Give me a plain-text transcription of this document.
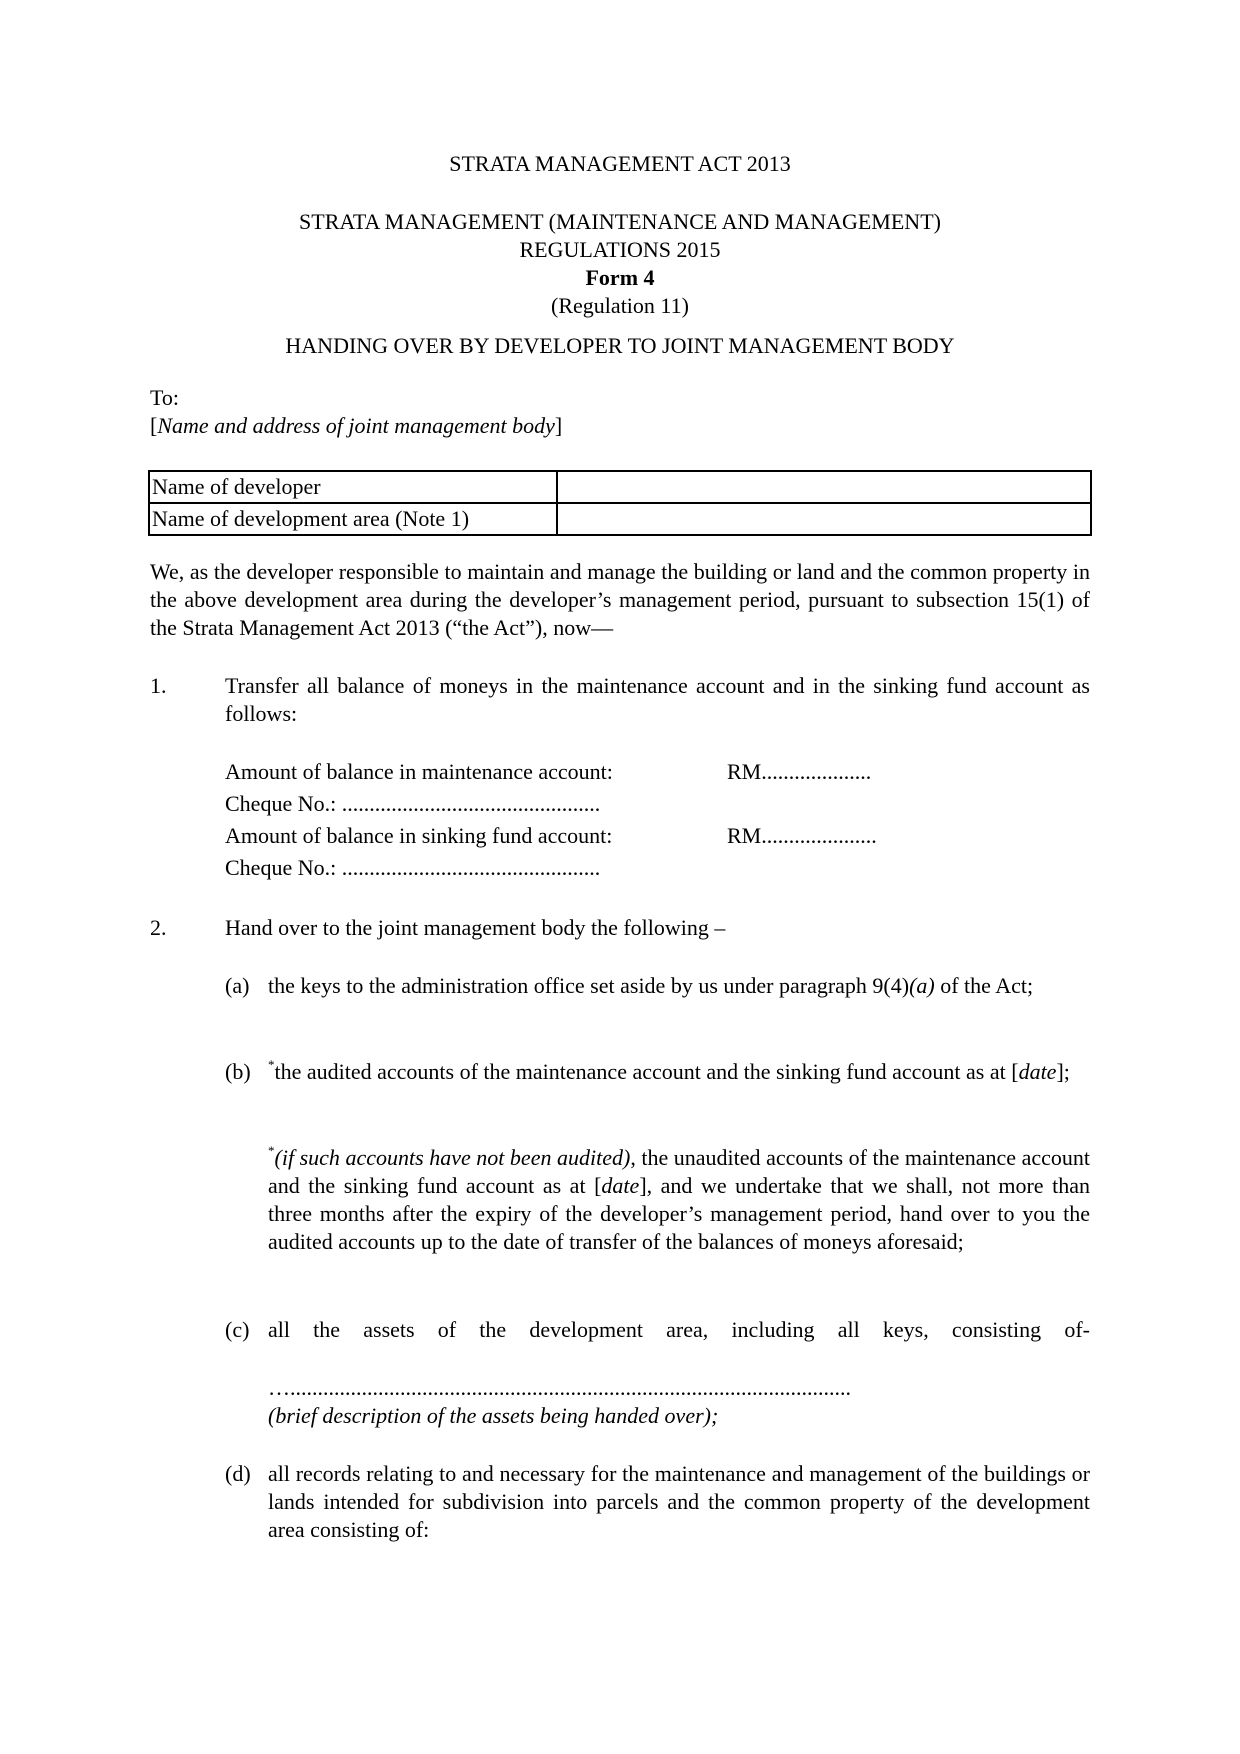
STRATA MANAGEMENT ACT 2013
STRATA MANAGEMENT (MAINTENANCE AND MANAGEMENT)
REGULATIONS 2015
Form 4
(Regulation 11)
HANDING OVER BY DEVELOPER TO JOINT MANAGEMENT BODY
To:
[Name and address of joint management body]
Name of developer	
Name of development area (Note 1)	
We, as the developer responsible to maintain and manage the building or land and the common property in the above development area during the developer’s management period, pursuant to subsection 15(1) of the Strata Management Act 2013 (“the Act”), now—
1.	Transfer all balance of moneys in the maintenance account and in the sinking fund account as follows:
Amount of balance in maintenance account:	RM....................
Cheque No.: ...............................................
Amount of balance in sinking fund account:	RM.....................
Cheque No.: ...............................................
2.	Hand over to the joint management body the following –
(a) the keys to the administration office set aside by us under paragraph 9(4)(a) of the Act;
(b) *the audited accounts of the maintenance account and the sinking fund account as at [date];
*(if such accounts have not been audited), the unaudited accounts of the maintenance account and the sinking fund account as at [date], and we undertake that we shall, not more than three months after the expiry of the developer’s management period, hand over to you the audited accounts up to the date of transfer of the balances of moneys aforesaid;
(c) all the assets of the development area, including all keys, consisting of-
…......................................................................................................
(brief description of the assets being handed over);
(d) all records relating to and necessary for the maintenance and management of the buildings or lands intended for subdivision into parcels and the common property of the development area consisting of:
